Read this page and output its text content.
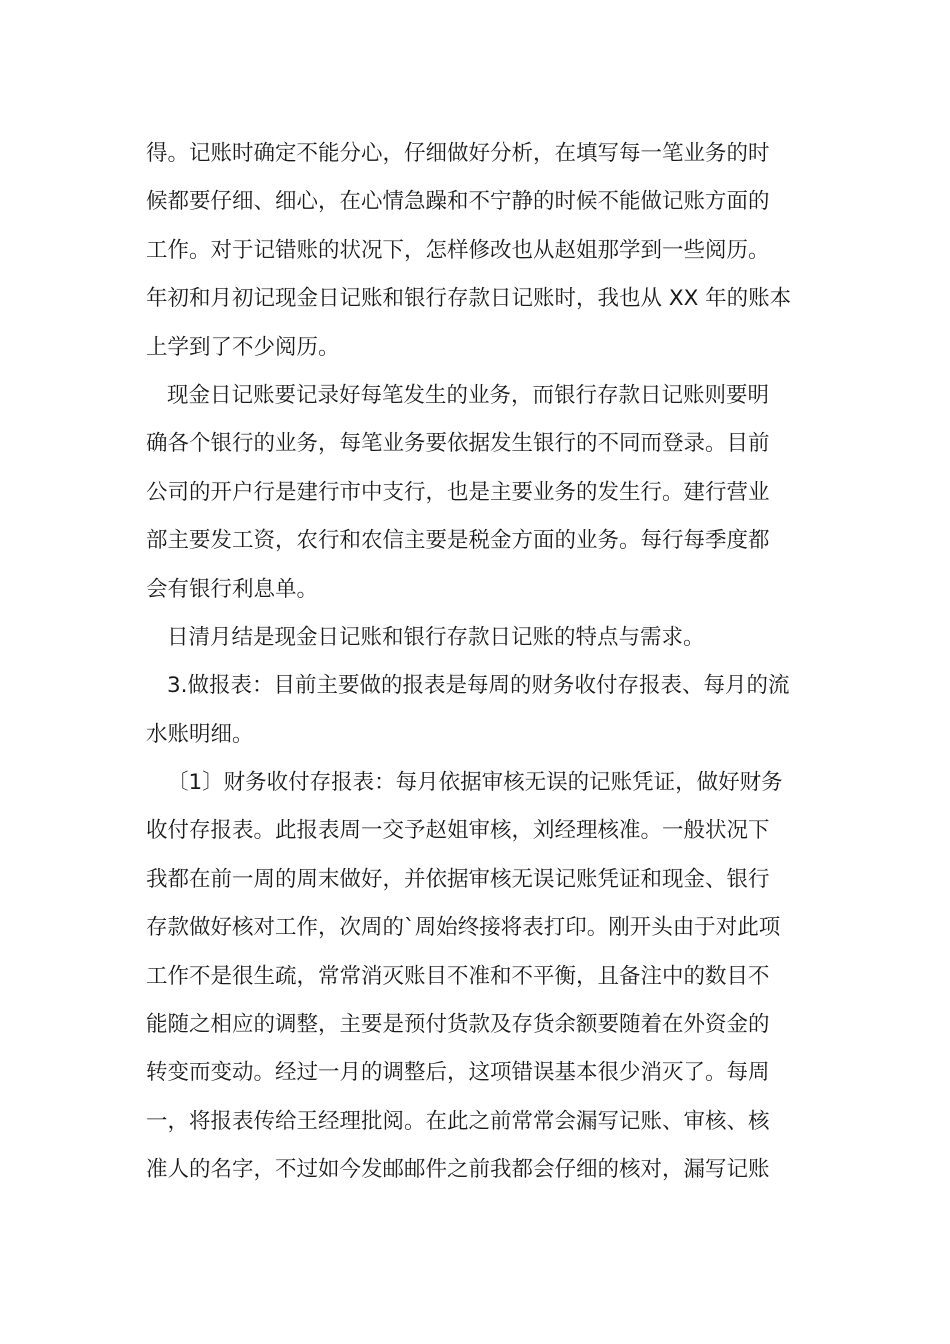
得。记账时确定不能分心，仔细做好分析，在填写每一笔业务的时
候都要仔细、细心，在心情急躁和不宁静的时候不能做记账方面的
工作。对于记错账的状况下，怎样修改也从赵姐那学到一些阅历。
年初和月初记现金日记账和银行存款日记账时，我也从 XX 年的账本
上学到了不少阅历。
现金日记账要记录好每笔发生的业务，而银行存款日记账则要明
确各个银行的业务，每笔业务要依据发生银行的不同而登录。目前
公司的开户行是建行市中支行，也是主要业务的发生行。建行营业
部主要发工资，农行和农信主要是税金方面的业务。每行每季度都
会有银行利息单。
日清月结是现金日记账和银行存款日记账的特点与需求。
3.做报表：目前主要做的报表是每周的财务收付存报表、每月的流
水账明细。
〔1〕财务收付存报表：每月依据审核无误的记账凭证，做好财务
收付存报表。此报表周一交予赵姐审核，刘经理核准。一般状况下
我都在前一周的周末做好，并依据审核无误记账凭证和现金、银行
存款做好核对工作，次周的`周始终接将表打印。刚开头由于对此项
工作不是很生疏，常常消灭账目不准和不平衡，且备注中的数目不
能随之相应的调整，主要是预付货款及存货余额要随着在外资金的
转变而变动。经过一月的调整后，这项错误基本很少消灭了。每周
一，将报表传给王经理批阅。在此之前常常会漏写记账、审核、核
准人的名字，不过如今发邮邮件之前我都会仔细的核对，漏写记账
